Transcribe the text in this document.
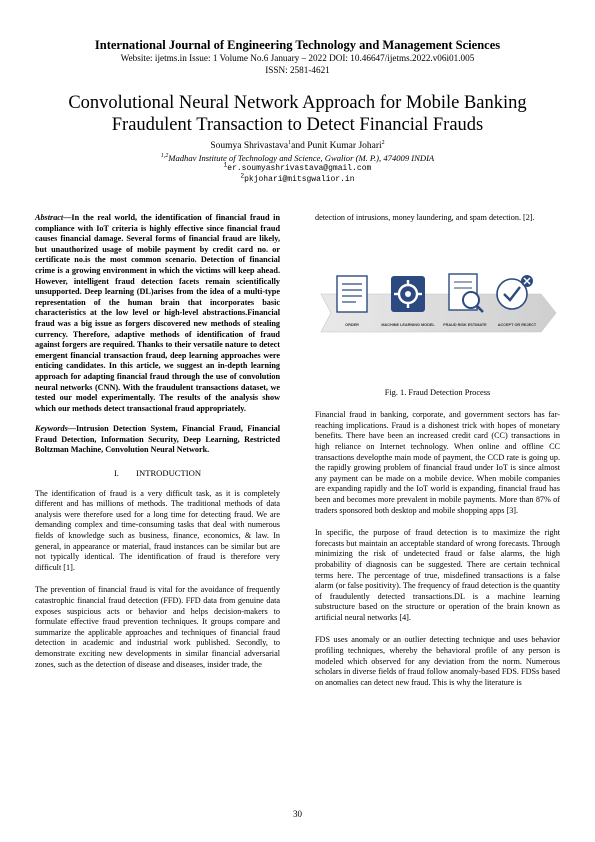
International Journal of Engineering Technology and Management Sciences
Website: ijetms.in Issue: 1 Volume No.6 January – 2022 DOI: 10.46647/ijetms.2022.v06i01.005
ISSN: 2581-4621
Convolutional Neural Network Approach for Mobile Banking
Fraudulent Transaction to Detect Financial Frauds
Soumya Shrivastava$^1$and Punit Kumar Johari$^2$
$^{1,2}$Madhav Institute of Technology and Science, Gwalior (M. P.), 474009 INDIA
$^1$er.soumyashrivastava@gmail.com
$^2$pkjohari@mitsgwalior.in
Abstract—In the real world, the identification of financial fraud in compliance with IoT criteria is highly effective since financial fraud causes financial damage. Several forms of financial fraud are likely, but unauthorized usage of mobile payment by credit card no. or certificate no.is the most common scenario. Detection of financial crime is a growing environment in which the victims will keep ahead. However, intelligent fraud detection facets remain scientifically unsupported. Deep learning (DL)arises from the idea of a multi-type representation of the human brain that incorporates basic characteristics at the low level or high-level abstractions.Financial fraud was a big issue as forgers discovered new methods of stealing currency. Therefore, adaptive methods of identification of fraud against forgers are required. Thanks to their versatile nature to detect emergent financial transaction fraud, deep learning approaches were enticing candidates. In this article, we suggest an in-depth learning approach for adapting financial fraud through the use of convolution neural networks (CNN). With the fraudulent transactions dataset, we tested our model experimentally. The results of the analysis show which our methods detect transactional fraud appropriately.
Keywords—Intrusion Detection System, Financial Fraud, Financial Fraud Detection, Information Security, Deep Learning, Restricted Boltzman Machine, Convolution Neural Network.
I.        INTRODUCTION

The identification of fraud is a very difficult task, as it is completely different and has millions of methods. The traditional methods of data analysis were therefore used for a long time for detecting fraud. We are demanding complex and time-consuming tasks that deal with numerous fields of knowledge such as business, finance, economics, & law. In general, in appearance or material, fraud instances can be similar but are not typically identical. The identification of fraud is therefore very difficult [1].

The prevention of financial fraud is vital for the avoidance of frequently catastrophic financial fraud detection (FFD). FFD data from genuine data exposes suspicious acts or behavior and helps decision-makers to formulate effective fraud prevention techniques. It groups compare and summarize the applicable approaches and techniques of financial fraud detection in academic and industrial work published. Secondly, to demonstrate exciting new developments in similar financial adversarial zones, such as the detection of disease and diseases, insider trade, the

detection of intrusions, money laundering, and spam detection. [2].

ORDER	MACHINE LEARNING MODEL FRAUD RISK ESTIMATE	ACCEPT OR REJECT
Fig. 1. Fraud Detection Process

Financial fraud in banking, corporate, and government sectors has far-reaching implications. Fraud is a dishonest trick with hopes of monetary benefits. There have been an increased credit card (CC) transactions in high reliance on Internet technology. When online and offline CC transactions developthe main mode of payment, the CCD rate is going up. the rapidly growing problem of financial fraud under IoT is since almost any payment can be made on a mobile device. When mobile companies are expanding rapidly and the IoT world is expanding, financial fraud has been and becomes more prevalent in mobile payments. More than 87% of traders sponsored both desktop and mobile shopping apps [3].

In specific, the purpose of fraud detection is to maximize the right forecasts but maintain an acceptable standard of wrong forecasts. Through minimizing the risk of undetected fraud or false alarms, the high probability of diagnosis can be suggested. There are certain technical terms here. The percentage of true, misdefined transactions is a false alarm (or false positivity). The frequency of fraud detection is the quantity of fraudulently detected transactions.DL is a machine learning substructure based on the structure or operation of the brain known as artificial neural networks [4].

FDS uses anomaly or an outlier detecting technique and uses behavior profiling techniques, whereby the behavioral profile of any person is modeled which observed for any deviation from the norm. Numerous scholars in diverse fields of fraud follow anomaly-based FDS. FDSs based on anomalies can detect new fraud. This is why the literature is

30
